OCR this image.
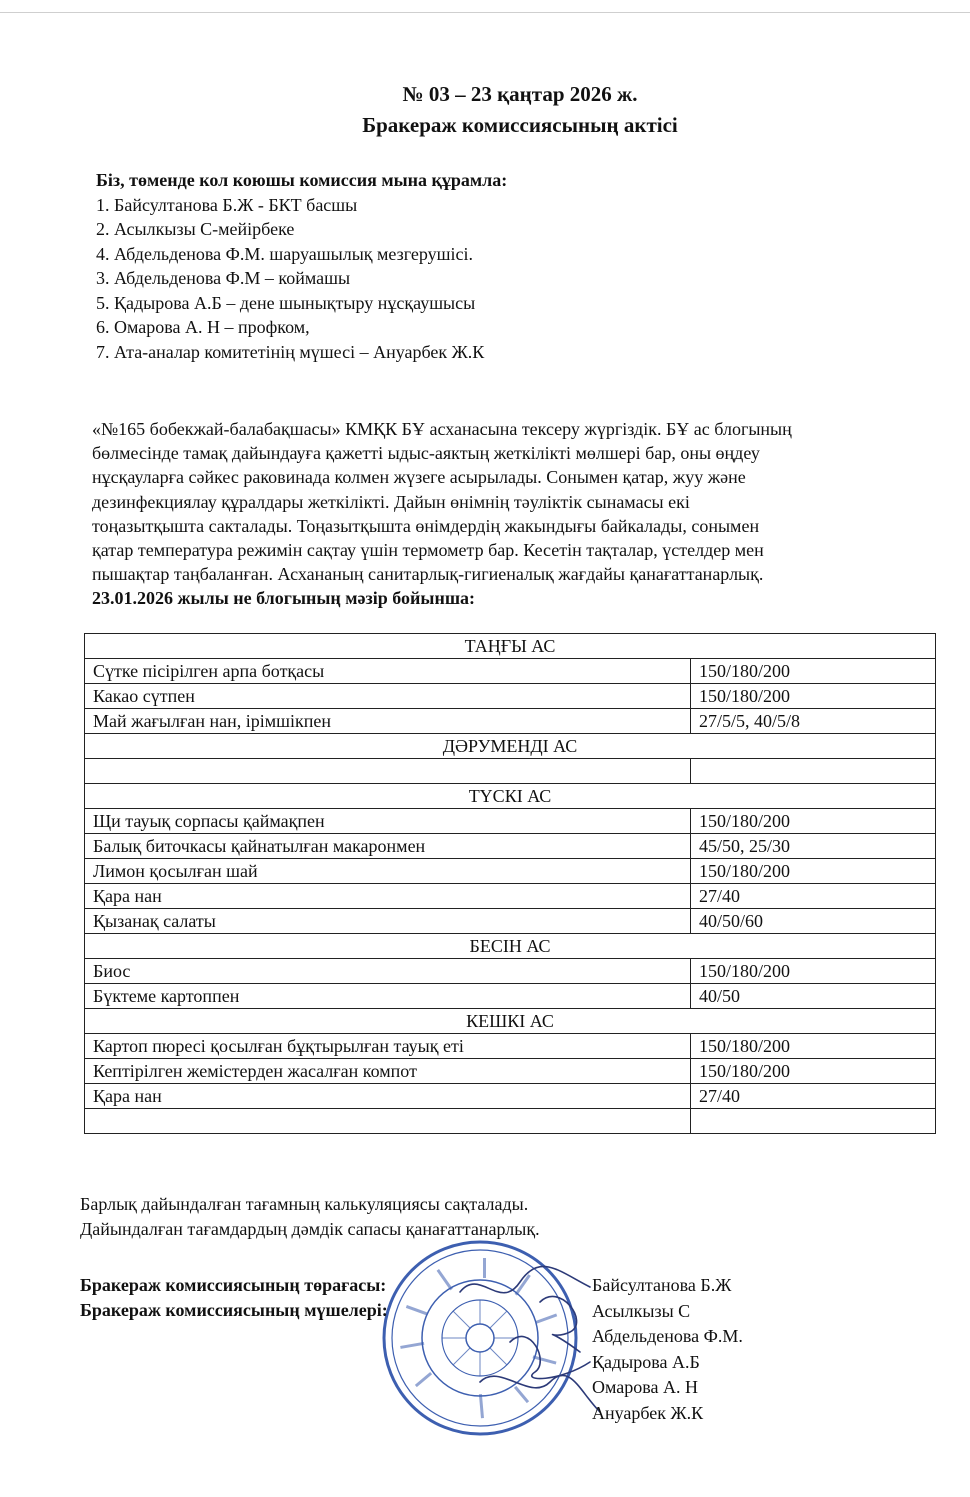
№ 03 – 23 қаңтар 2026 ж.
Бракераж комиссиясының актісі
Біз, төменде кол коюшы комиссия мына құрамла:
1. Байсултанова Б.Ж - БКТ басшы
2. Асылкызы С-мейірбеке
4. Абдельденова Ф.М. шаруашылық мезгерушісі.
3. Абдельденова Ф.М – коймашы
5. Қадырова А.Б – дене шынықтыру нұсқаушысы
6. Омарова А. Н – профком,
7. Ата-аналар комитетінің мүшесі – Ануарбек Ж.К
«№165 бобекжай-балабақшасы» КМҚК БҰ асханасына тексеру жүргіздік. БҰ ас блогының
бөлмесінде тамақ дайындауға қажетті ыдыс-аяктың жеткілікті мөлшері бар, оны өңдеу
нұсқауларға сәйкес раковинада колмен жүзеге асырылады. Сонымен қатар, жуу және
дезинфекциялау құралдары жеткілікті. Дайын өнімнің тәуліктік сынамасы екі
тоңазытқышта сакталады. Тоңазытқышта өнімдердің жакындығы байкалады, сонымен
қатар температура режимін сақтау үшін термометр бар. Кесетін тақталар, үстелдер мен
пышақтар таңбаланған. Асхананың санитарлық-гигиеналық жағдайы қанағаттанарлық.
23.01.2026 жылы не блогының мәзір бойынша:
ТАҢҒЫ АС	
Сүтке пісірілген арпа ботқасы	150/180/200
Какао сүтпен	150/180/200
Май жағылған нан, ірімшікпен	27/5/5, 40/5/8
ДӘРУМЕНДІ АС	

ТҮСКІ АС	
Щи тауық сорпасы қаймақпен	150/180/200
Балық биточкасы қайнатылған макаронмен	45/50, 25/30
Лимон қосылған шай	150/180/200
Қара нан	27/40
Қызанақ салаты	40/50/60
БЕСІН АС	
Биос	150/180/200
Бүктеме картоппен	40/50
КЕШКІ АС	
Картоп пюресі қосылған бұқтырылған тауық еті	150/180/200
Кептірілген жемістерден жасалған компот	150/180/200
Қара нан	27/40

Барлық дайындалған тағамның калькуляциясы сақталады.
Дайындалған тағамдардың дәмдік сапасы қанағаттанарлық.
Бракераж комиссиясының төрағасы:
Бракераж комиссиясының мүшелері:
Байсултанова Б.Ж
Асылкызы С
Абдельденова Ф.М.
Қадырова А.Б
Омарова А. Н
Ануарбек Ж.К
